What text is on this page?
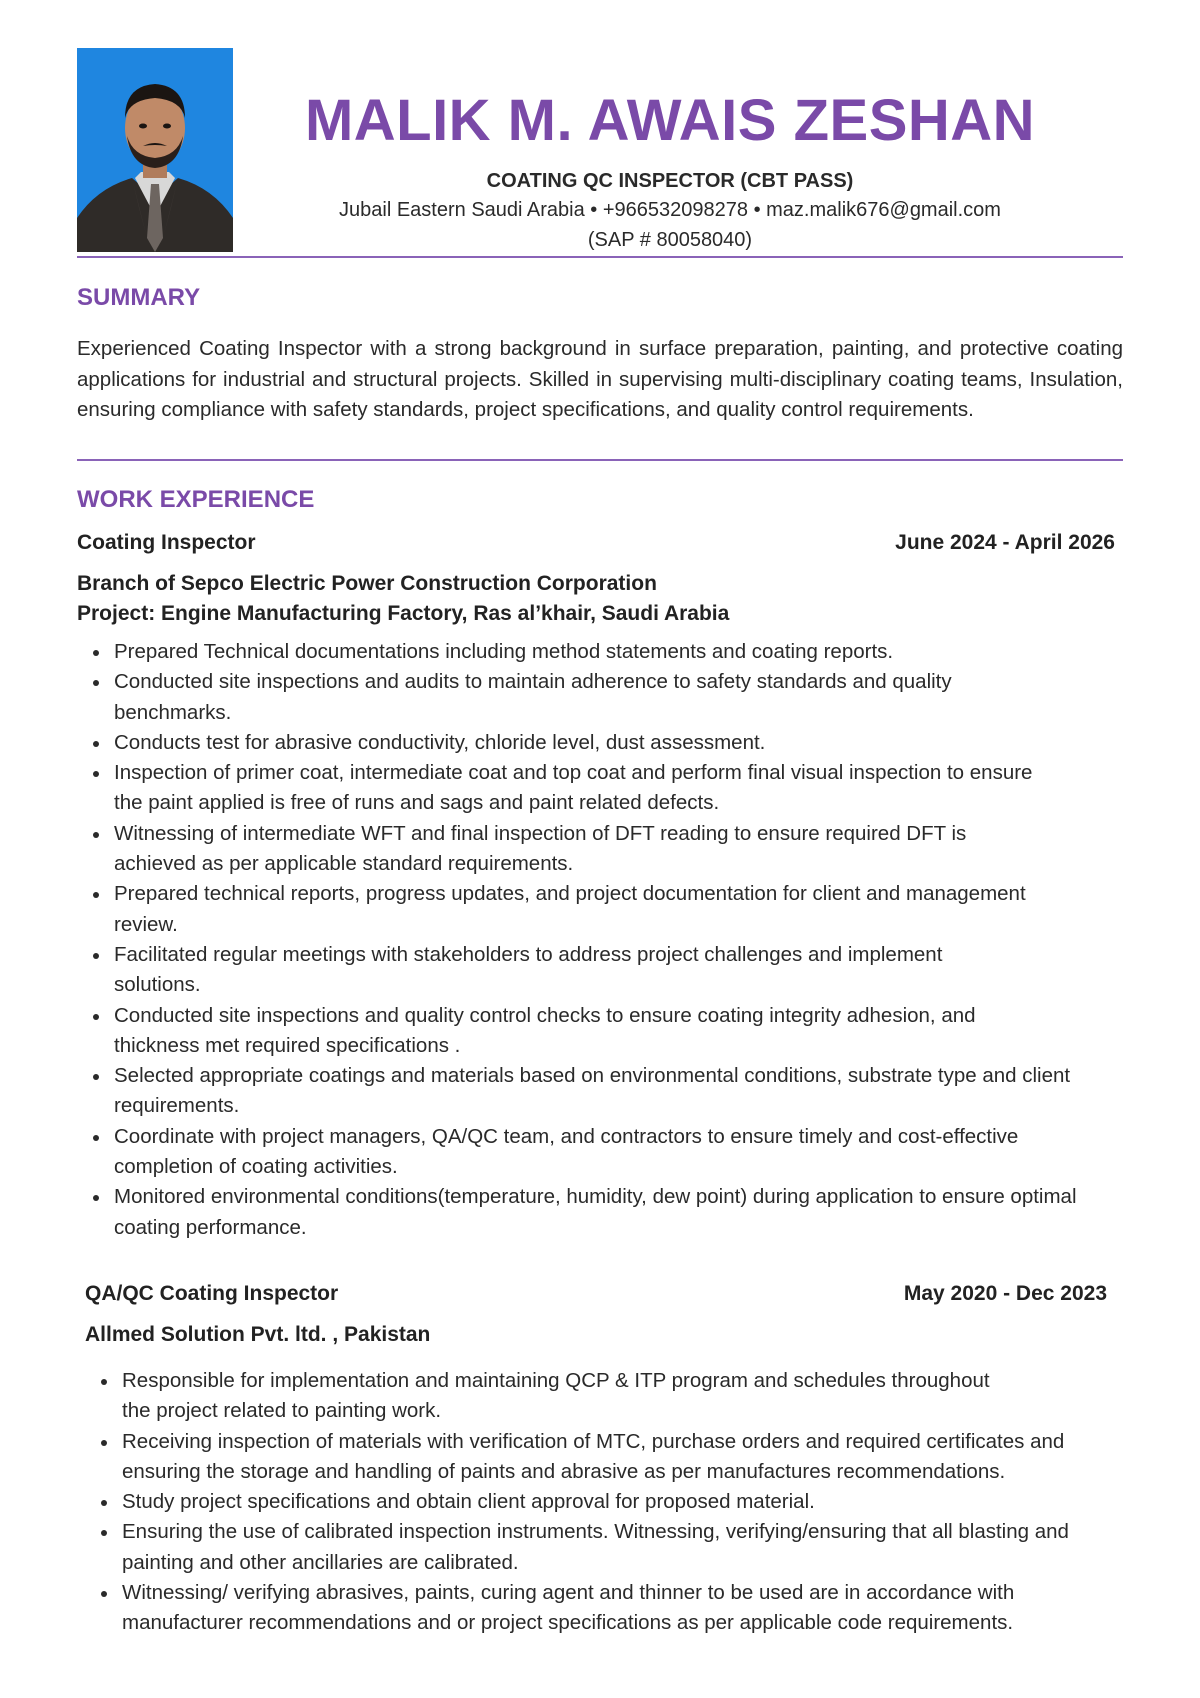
MALIK M. AWAIS ZESHAN
COATING QC INSPECTOR (CBT PASS)
Jubail Eastern Saudi Arabia • +966532098278 • maz.malik676@gmail.com
(SAP # 80058040)
SUMMARY

Experienced Coating Inspector with a strong background in surface preparation, painting, and protective coating applications for industrial and structural projects. Skilled in supervising multi-disciplinary coating teams, Insulation, ensuring compliance with safety standards, project specifications, and quality control requirements.

WORK EXPERIENCE
Coating Inspector	June 2024 - April 2026
Branch of Sepco Electric Power Construction Corporation
Project: Engine Manufacturing Factory, Ras al’khair, Saudi Arabia
Prepared Technical documentations including method statements and coating reports.
Conducted site inspections and audits to maintain adherence to safety standards and quality benchmarks.
Conducts test for abrasive conductivity, chloride level, dust assessment.
Inspection of primer coat, intermediate coat and top coat and perform final visual inspection to ensure the paint applied is free of runs and sags and paint related defects.
Witnessing of intermediate WFT and final inspection of DFT reading to ensure required DFT is achieved as per applicable standard requirements.
Prepared technical reports, progress updates, and project documentation for client and management review.
Facilitated regular meetings with stakeholders to address project challenges and implement solutions.
Conducted site inspections and quality control checks to ensure coating integrity adhesion, and thickness met required specifications .
Selected appropriate coatings and materials based on environmental conditions, substrate type and client requirements.
Coordinate with project managers, QA/QC team, and contractors to ensure timely and cost-effective completion of coating activities.
Monitored environmental conditions(temperature, humidity, dew point) during application to ensure optimal coating performance.
QA/QC Coating Inspector	May 2020 - Dec 2023
Allmed Solution Pvt. ltd. , Pakistan
Responsible for implementation and maintaining QCP & ITP program and schedules throughout the project related to painting work.
Receiving inspection of materials with verification of MTC, purchase orders and required certificates and ensuring the storage and handling of paints and abrasive as per manufactures recommendations.
Study project specifications and obtain client approval for proposed material.
Ensuring the use of calibrated inspection instruments. Witnessing, verifying/ensuring that all blasting and painting and other ancillaries are calibrated.
Witnessing/ verifying abrasives, paints, curing agent and thinner to be used are in accordance with manufacturer recommendations and or project specifications as per applicable code requirements.
